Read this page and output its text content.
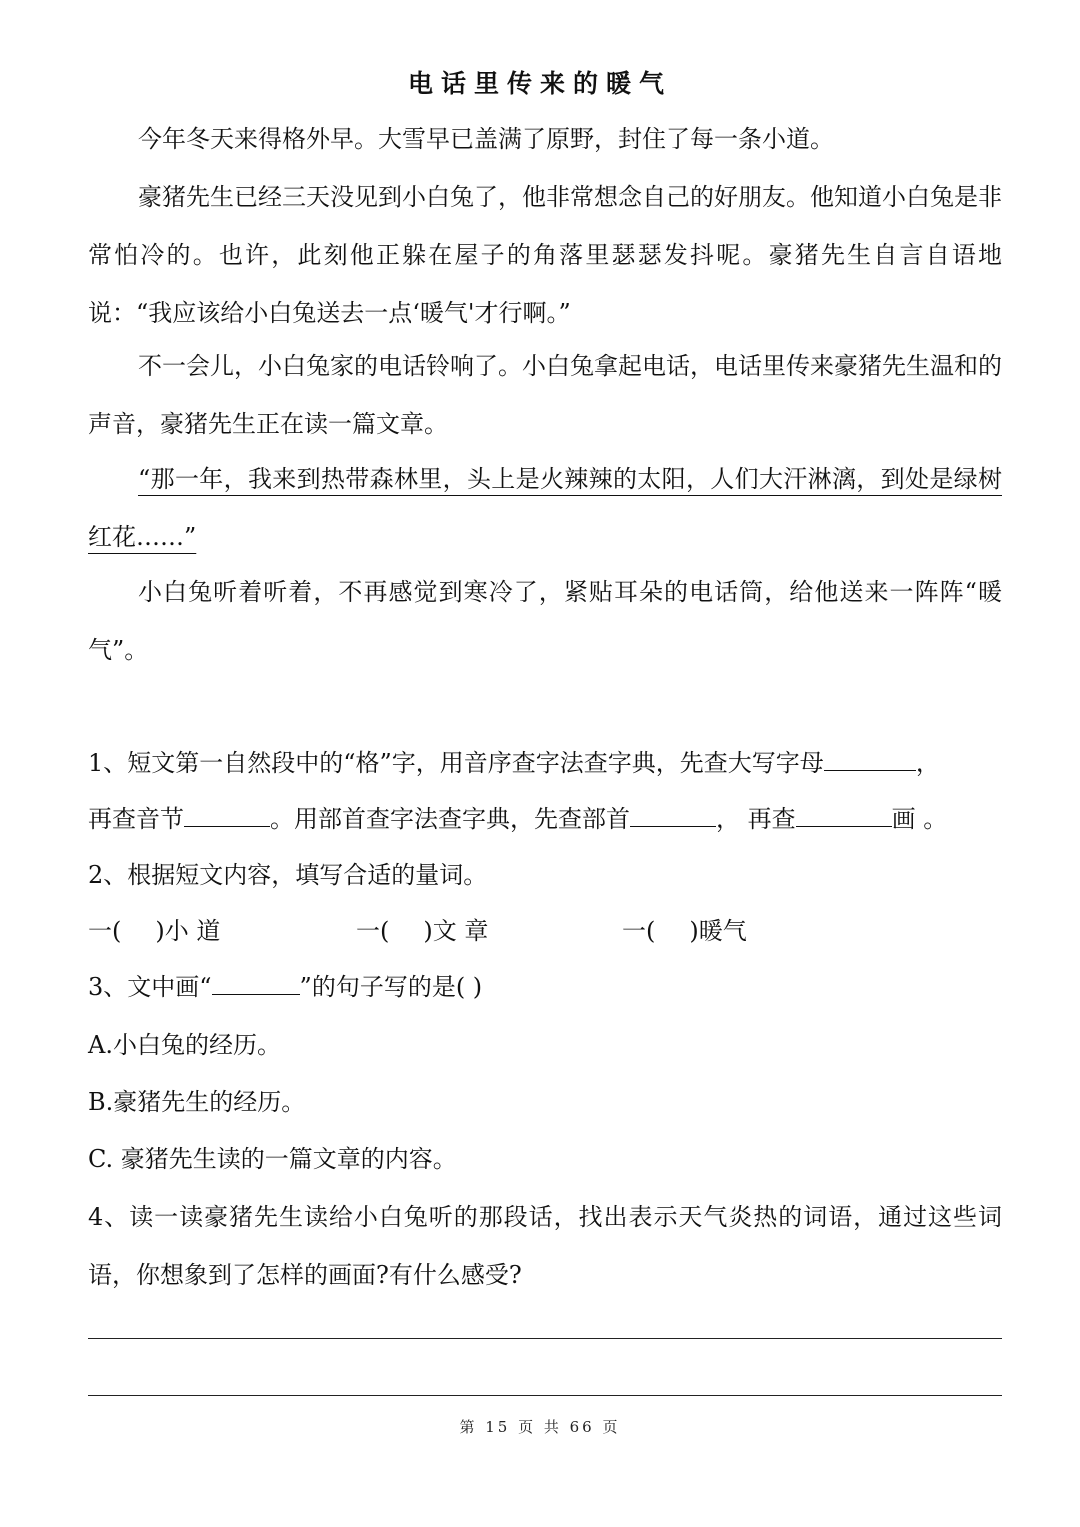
电话里传来的暖气

今年冬天来得格外早。大雪早已盖满了原野，封住了每一条小道。

豪猪先生已经三天没见到小白兔了，他非常想念自己的好朋友。他知道小白兔是非常怕冷的。也许，此刻他正躲在屋子的角落里瑟瑟发抖呢。豪猪先生自言自语地说：“我应该给小白兔送去一点‘暖气'才行啊。”

不一会儿，小白兔家的电话铃响了。小白兔拿起电话，电话里传来豪猪先生温和的声音，豪猪先生正在读一篇文章。

“那一年，我来到热带森林里，头上是火辣辣的太阳，人们大汗淋漓，到处是绿树红花……”

小白兔听着听着，不再感觉到寒冷了，紧贴耳朵的电话筒，给他送来一阵阵“暖气”。

1、短文第一自然段中的“格”字，用音序查字法查字典，先查大写字母	，

再查音节	。用部首查字法查字典，先查部首	， 再查	画 。

2、根据短文内容，填写合适的量词。

一( )小 道	一( )文 章	一( )暖气

3、文中画“	”的句子写的是( )

A.小白兔的经历。

B.豪猪先生的经历。

C. 豪猪先生读的一篇文章的内容。

4、读一读豪猪先生读给小白兔听的那段话，找出表示天气炎热的词语，通过这些词语，你想象到了怎样的画面?有什么感受?

第 15 页 共 66 页
